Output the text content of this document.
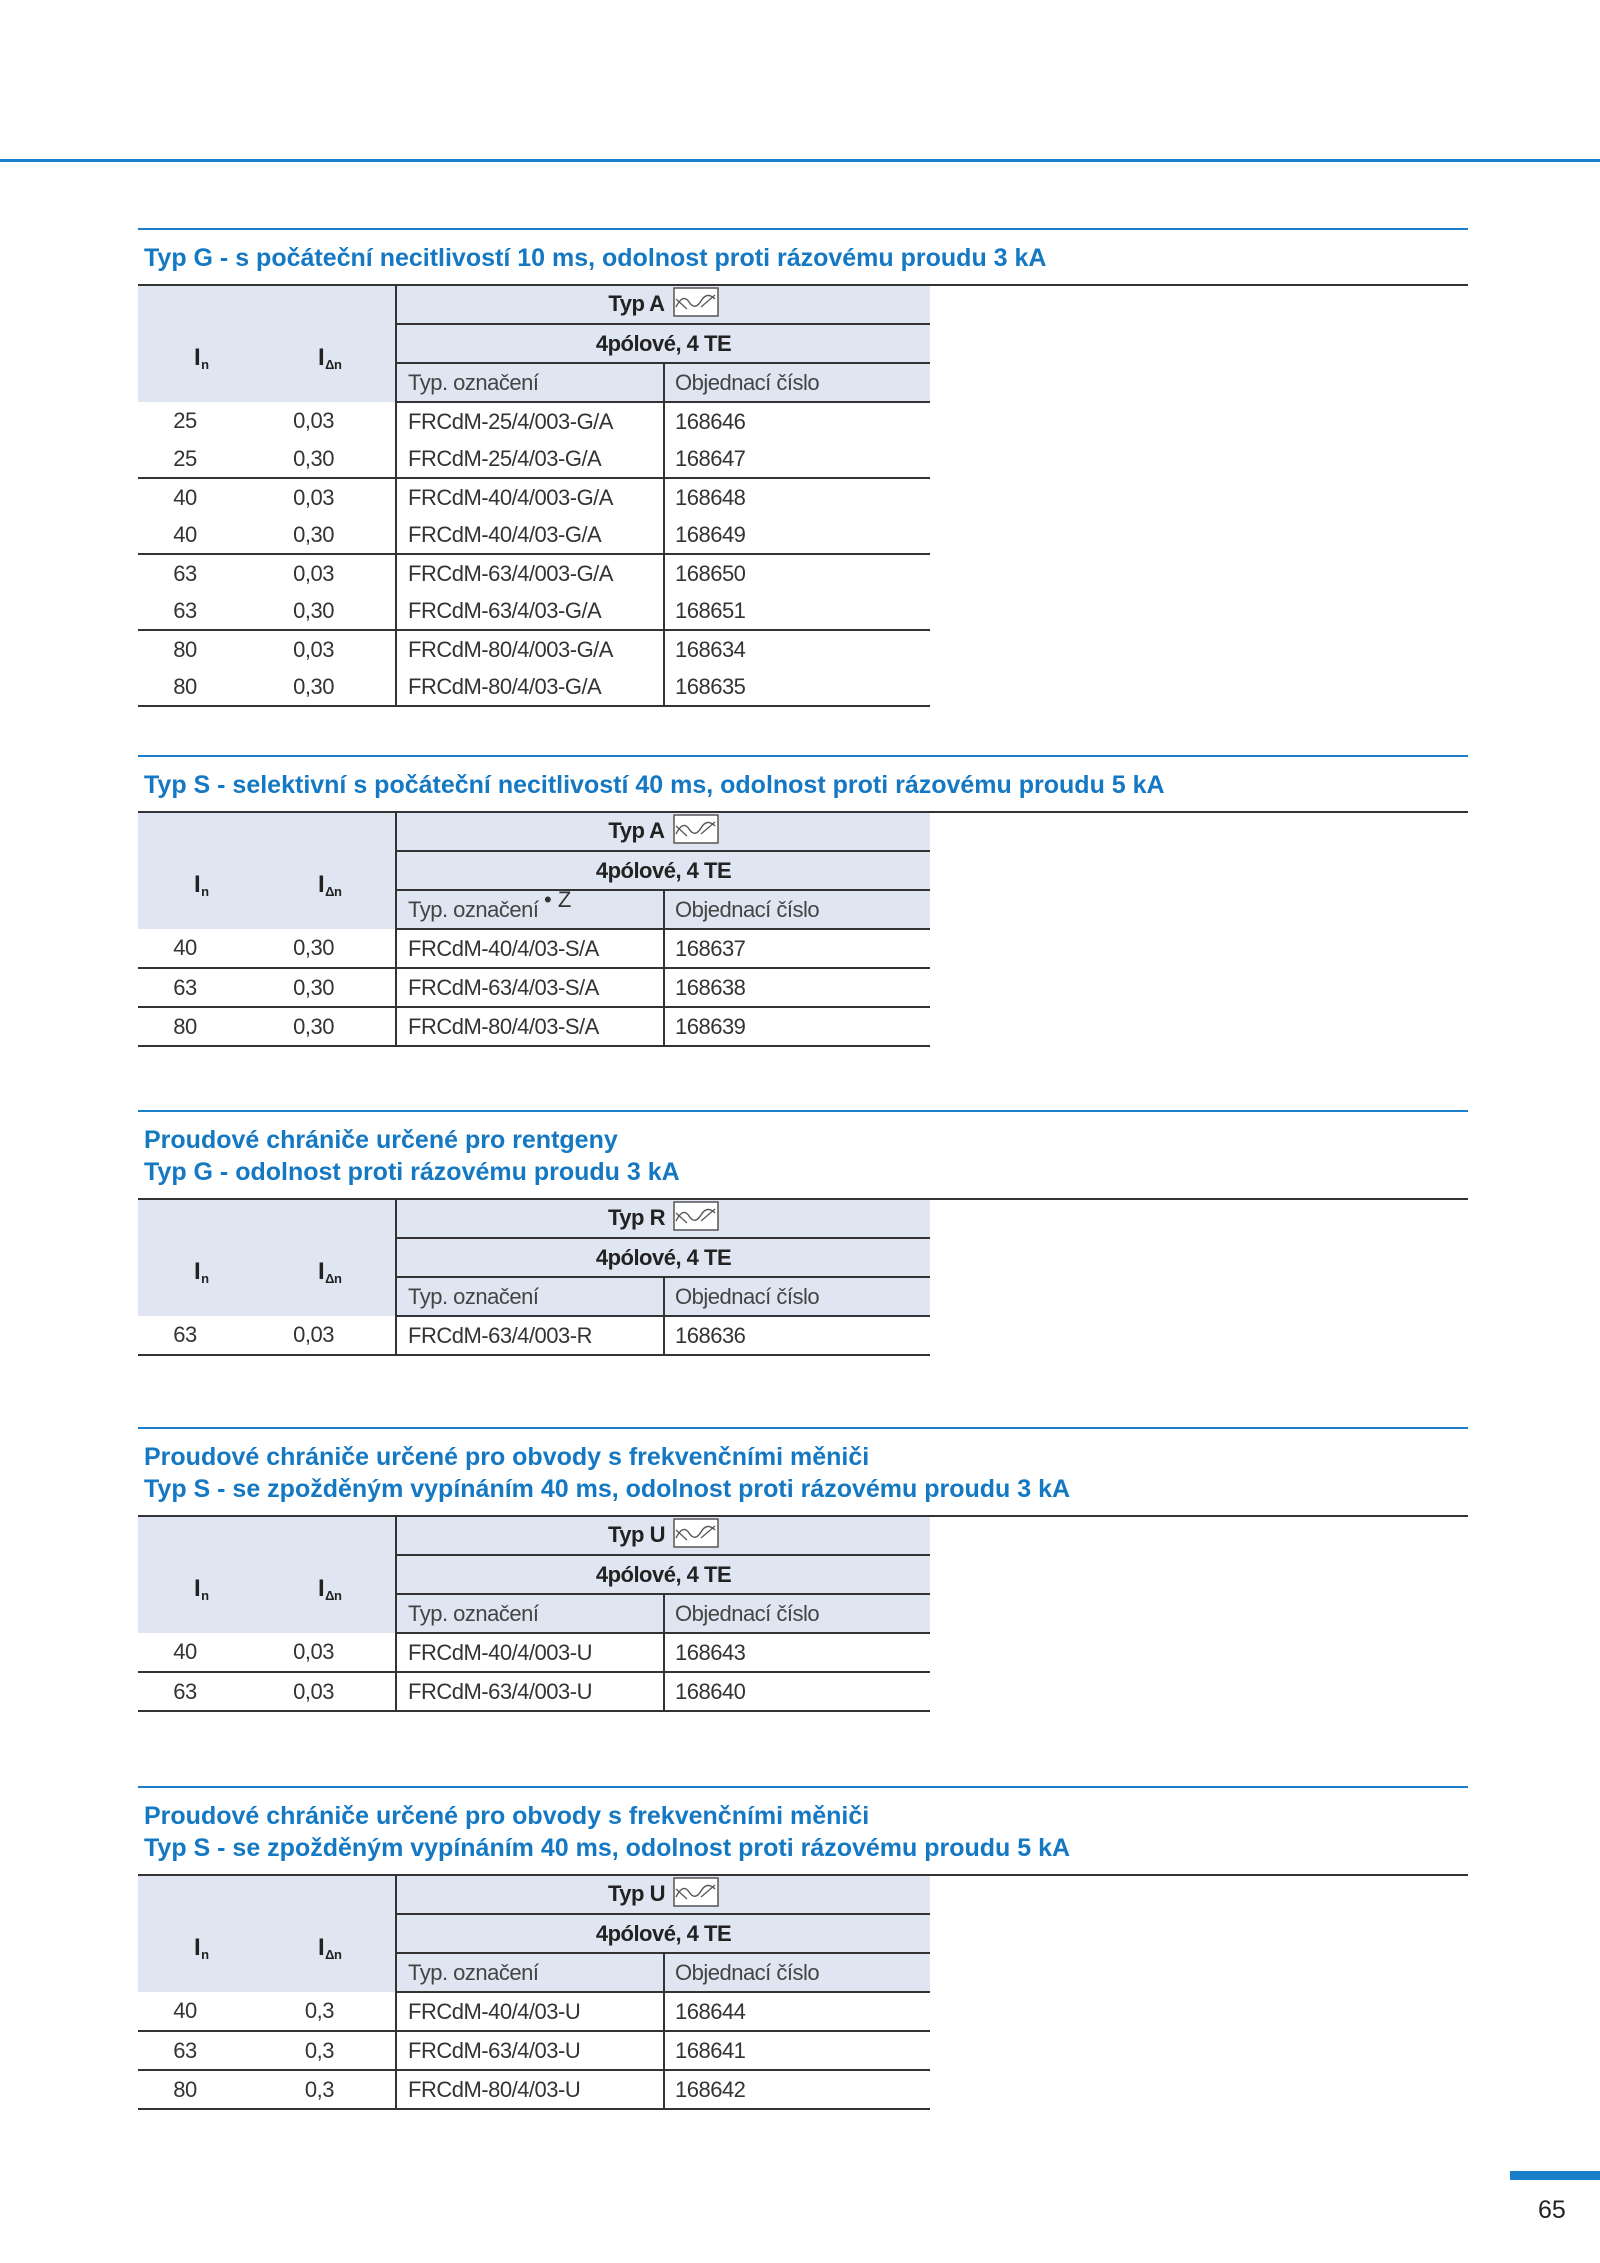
Typ G - s počáteční necitlivostí 10 ms, odolnost proti rázovému proudu 3 kA
$I_n$ $I_{\Delta n}$		Typ A	
		4pólové, 4 TE	
		Typ. označení	Objednací číslo
25	0,03	FRCdM-25/4/003-G/A	168646
25	0,30	FRCdM-25/4/03-G/A	168647
40	0,03	FRCdM-40/4/003-G/A	168648
40	0,30	FRCdM-40/4/03-G/A	168649
63	0,03	FRCdM-63/4/003-G/A	168650
63	0,30	FRCdM-63/4/03-G/A	168651
80	0,03	FRCdM-80/4/003-G/A	168634
80	0,30	FRCdM-80/4/03-G/A	168635
Typ S - selektivní s počáteční necitlivostí 40 ms, odolnost proti rázovému proudu 5 kA
$I_n$ $I_{\Delta n}$		Typ A	
		4pólové, 4 TE	
		Typ. označení	Objednací číslo
40	0,30	FRCdM-40/4/03-S/A	168637
63	0,30	FRCdM-63/4/03-S/A	168638
80	0,30	FRCdM-80/4/03-S/A	168639
• Z
Proudové chrániče určené pro rentgeny
Typ G - odolnost proti rázovému proudu 3 kA
$I_n$ $I_{\Delta n}$		Typ R	
		4pólové, 4 TE	
		Typ. označení	Objednací číslo
63	0,03	FRCdM-63/4/003-R	168636
Proudové chrániče určené pro obvody s frekvenčními měniči
Typ S - se zpožděným vypínáním 40 ms, odolnost proti rázovému proudu 3 kA
$I_n$ $I_{\Delta n}$		Typ U	
		4pólové, 4 TE	
		Typ. označení	Objednací číslo
40	0,03	FRCdM-40/4/003-U	168643
63	0,03	FRCdM-63/4/003-U	168640
Proudové chrániče určené pro obvody s frekvenčními měniči
Typ S - se zpožděným vypínáním 40 ms, odolnost proti rázovému proudu 5 kA
$I_n$ $I_{\Delta n}$		Typ U	
		4pólové, 4 TE	
		Typ. označení	Objednací číslo
40	0,3	FRCdM-40/4/03-U	168644
63	0,3	FRCdM-63/4/03-U	168641
80	0,3	FRCdM-80/4/03-U	168642
65
